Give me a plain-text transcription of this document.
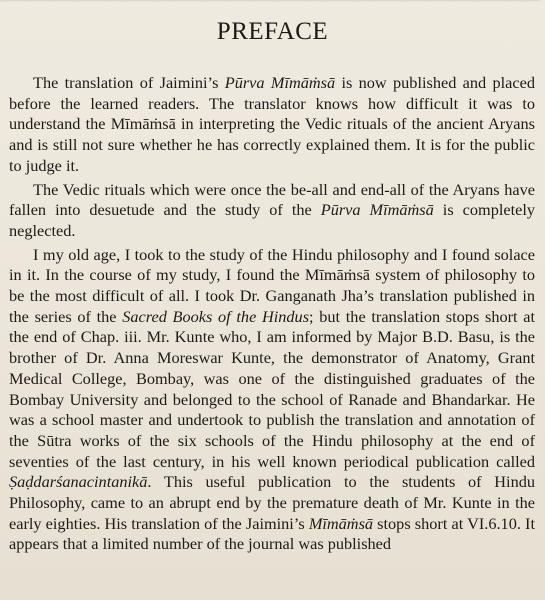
PREFACE

The translation of Jaimini’s Pūrva Mīmāṁsā is now published and placed before the learned readers. The translator knows how difficult it was to understand the Mīmāṁsā in interpreting the Vedic rituals of the ancient Aryans and is still not sure whether he has correctly explained them. It is for the public to judge it.

The Vedic rituals which were once the be-all and end-all of the Aryans have fallen into desuetude and the study of the Pūrva Mīmāṁsā is completely neglected.

I my old age, I took to the study of the Hindu philosophy and I found solace in it. In the course of my study, I found the Mīmāṁsā system of philosophy to be the most difficult of all. I took Dr. Ganganath Jha’s translation published in the series of the Sacred Books of the Hindus; but the translation stops short at the end of Chap. iii. Mr. Kunte who, I am informed by Major B.D. Basu, is the brother of Dr. Anna Moreswar Kunte, the demonstrator of Anatomy, Grant Medical College, Bombay, was one of the distinguished graduates of the Bombay University and belonged to the school of Ranade and Bhandarkar. He was a school master and undertook to publish the translation and annotation of the Sūtra works of the six schools of the Hindu philosophy at the end of seventies of the last century, in his well known periodical publication called Ṣaḍdarśanacintanikā. This useful publication to the students of Hindu Philosophy, came to an abrupt end by the premature death of Mr. Kunte in the early eighties. His translation of the Jaimini’s Mīmāṁsā stops short at VI.6.10. It appears that a limited number of the journal was published
